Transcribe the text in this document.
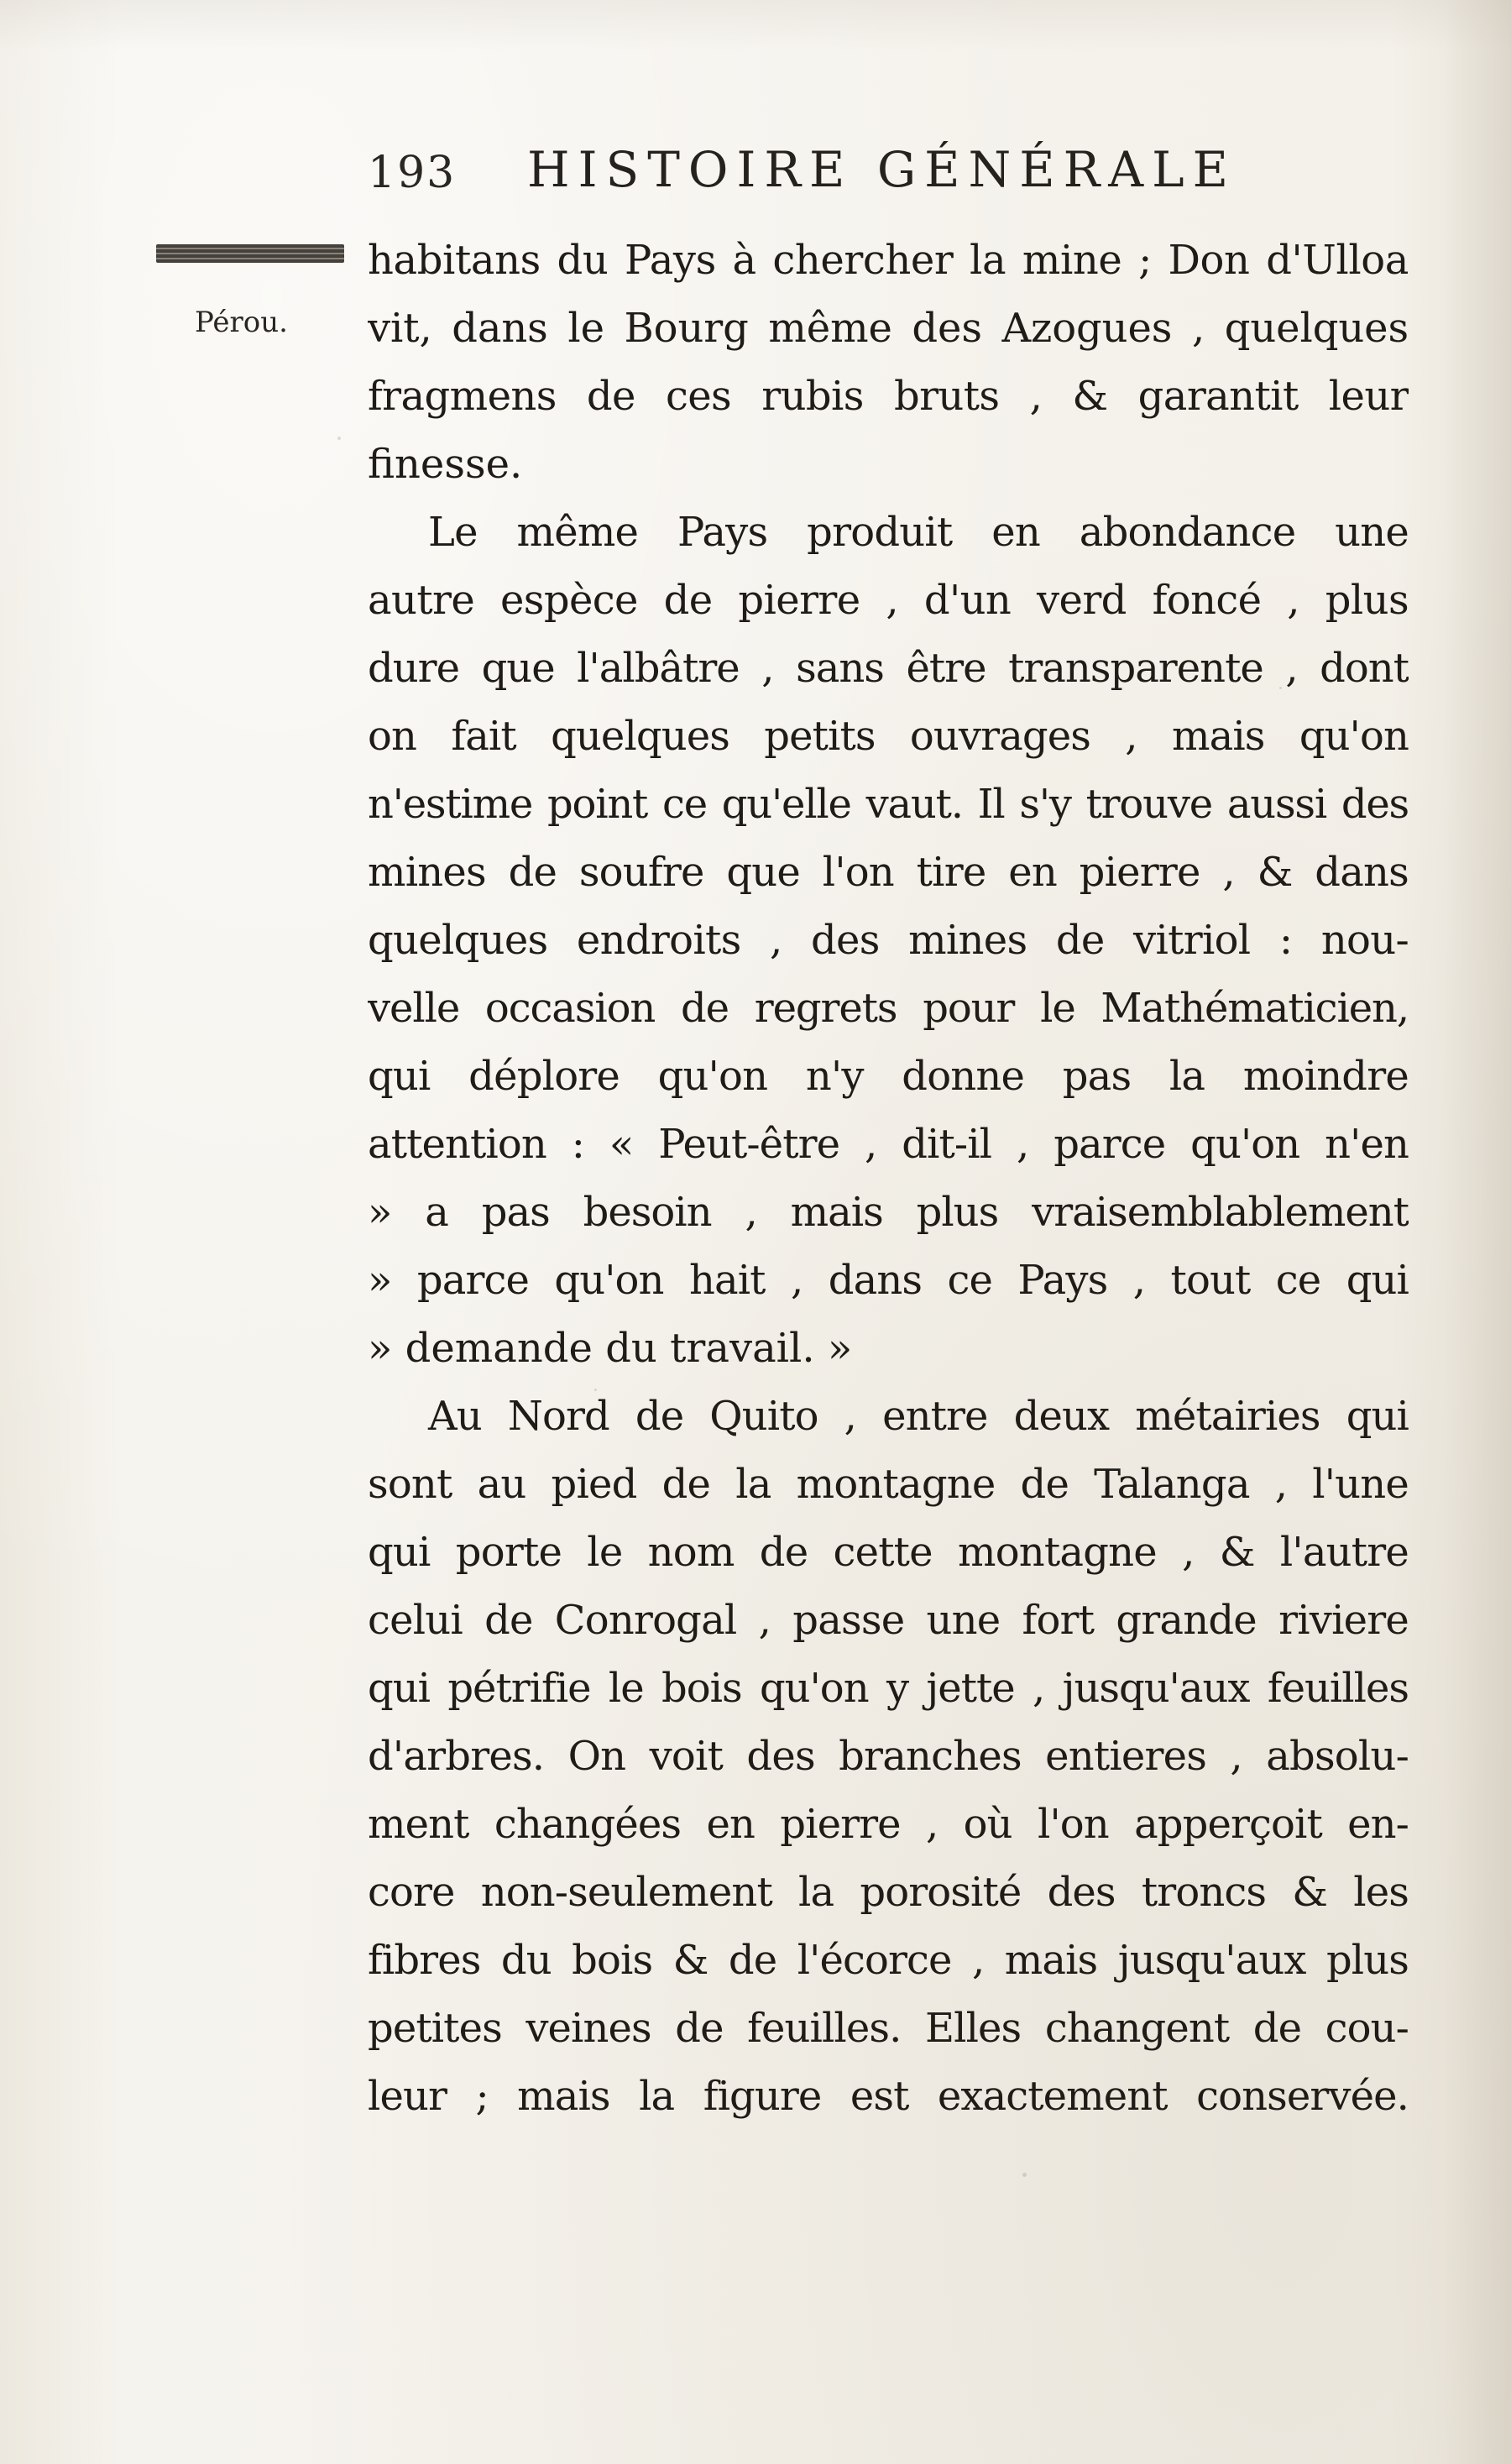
193 HISTOIRE GÉNÉRALE
Pérou.
habitans du Pays à chercher la mine ; Don d'Ulloa
vit, dans le Bourg même des Azogues , quelques
fragmens de ces rubis bruts , & garantit leur
finesse.
Le même Pays produit en abondance une
autre espèce de pierre , d'un verd foncé , plus
dure que l'albâtre , sans être transparente , dont
on fait quelques petits ouvrages , mais qu'on
n'estime point ce qu'elle vaut. Il s'y trouve aussi des
mines de soufre que l'on tire en pierre , & dans
quelques endroits , des mines de vitriol : nou-
velle occasion de regrets pour le Mathématicien,
qui déplore qu'on n'y donne pas la moindre
attention : « Peut-être , dit-il , parce qu'on n'en
» a pas besoin , mais plus vraisemblablement
» parce qu'on hait , dans ce Pays , tout ce qui
» demande du travail. »
Au Nord de Quito , entre deux métairies qui
sont au pied de la montagne de Talanga , l'une
qui porte le nom de cette montagne , & l'autre
celui de Conrogal , passe une fort grande riviere
qui pétrifie le bois qu'on y jette , jusqu'aux feuilles
d'arbres. On voit des branches entieres , absolu-
ment changées en pierre , où l'on apperçoit en-
core non-seulement la porosité des troncs & les
fibres du bois & de l'écorce , mais jusqu'aux plus
petites veines de feuilles. Elles changent de cou-
leur ; mais la figure est exactement conservée.
